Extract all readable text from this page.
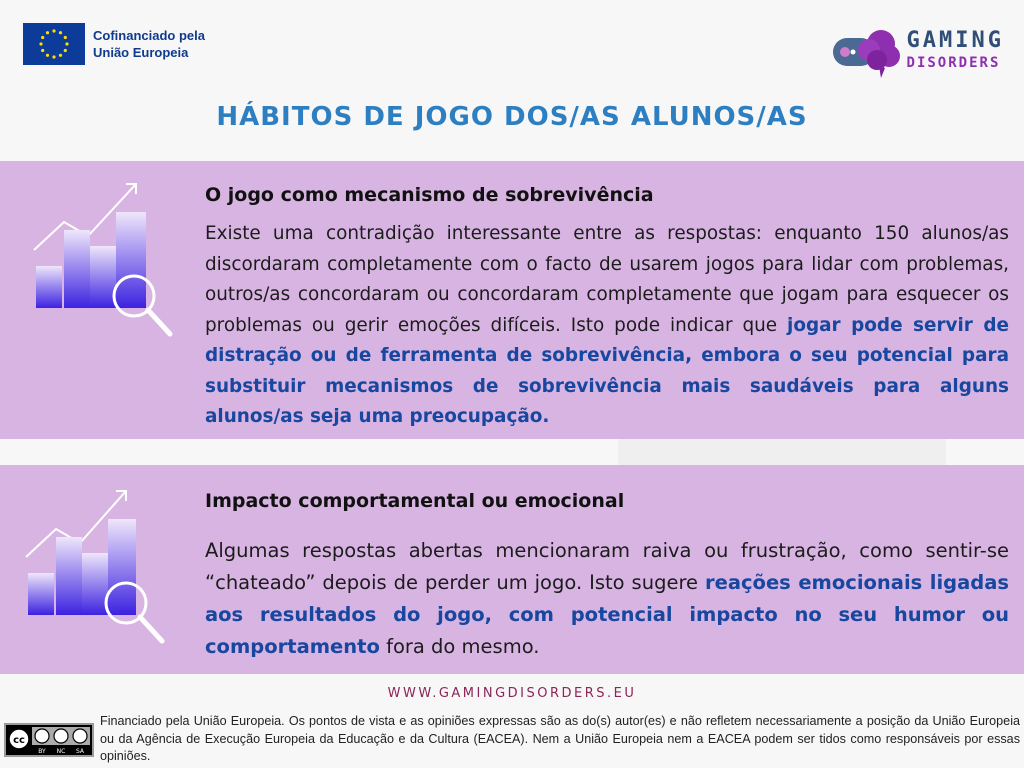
Cofinanciado pela
União Europeia	GAMING
DISORDERS
HÁBITOS DE JOGO DOS/AS ALUNOS/AS
O jogo como mecanismo de sobrevivência

Existe uma contradição interessante entre as respostas: enquanto 150 alunos/as discordaram completamente com o facto de usarem jogos para lidar com problemas, outros/as concordaram ou concordaram completamente que jogam para esquecer os problemas ou gerir emoções difíceis. Isto pode indicar que jogar pode servir de distração ou de ferramenta de sobrevivência, embora o seu potencial para substituir mecanismos de sobrevivência mais saudáveis para alguns alunos/as seja uma preocupação.

Impacto comportamental ou emocional

Algumas respostas abertas mencionaram raiva ou frustração, como sentir-se “chateado” depois de perder um jogo. Isto sugere reações emocionais ligadas aos resultados do jogo, com potencial impacto no seu humor ou comportamento fora do mesmo.

WWW.GAMINGDISORDERS.EU
cc
BY NC SA
Financiado pela União Europeia. Os pontos de vista e as opiniões expressas são as do(s) autor(es) e não refletem necessariamente a posição da União Europeia ou da Agência de Execução Europeia da Educação e da Cultura (EACEA). Nem a União Europeia nem a EACEA podem ser tidos como responsáveis por essas opiniões.
